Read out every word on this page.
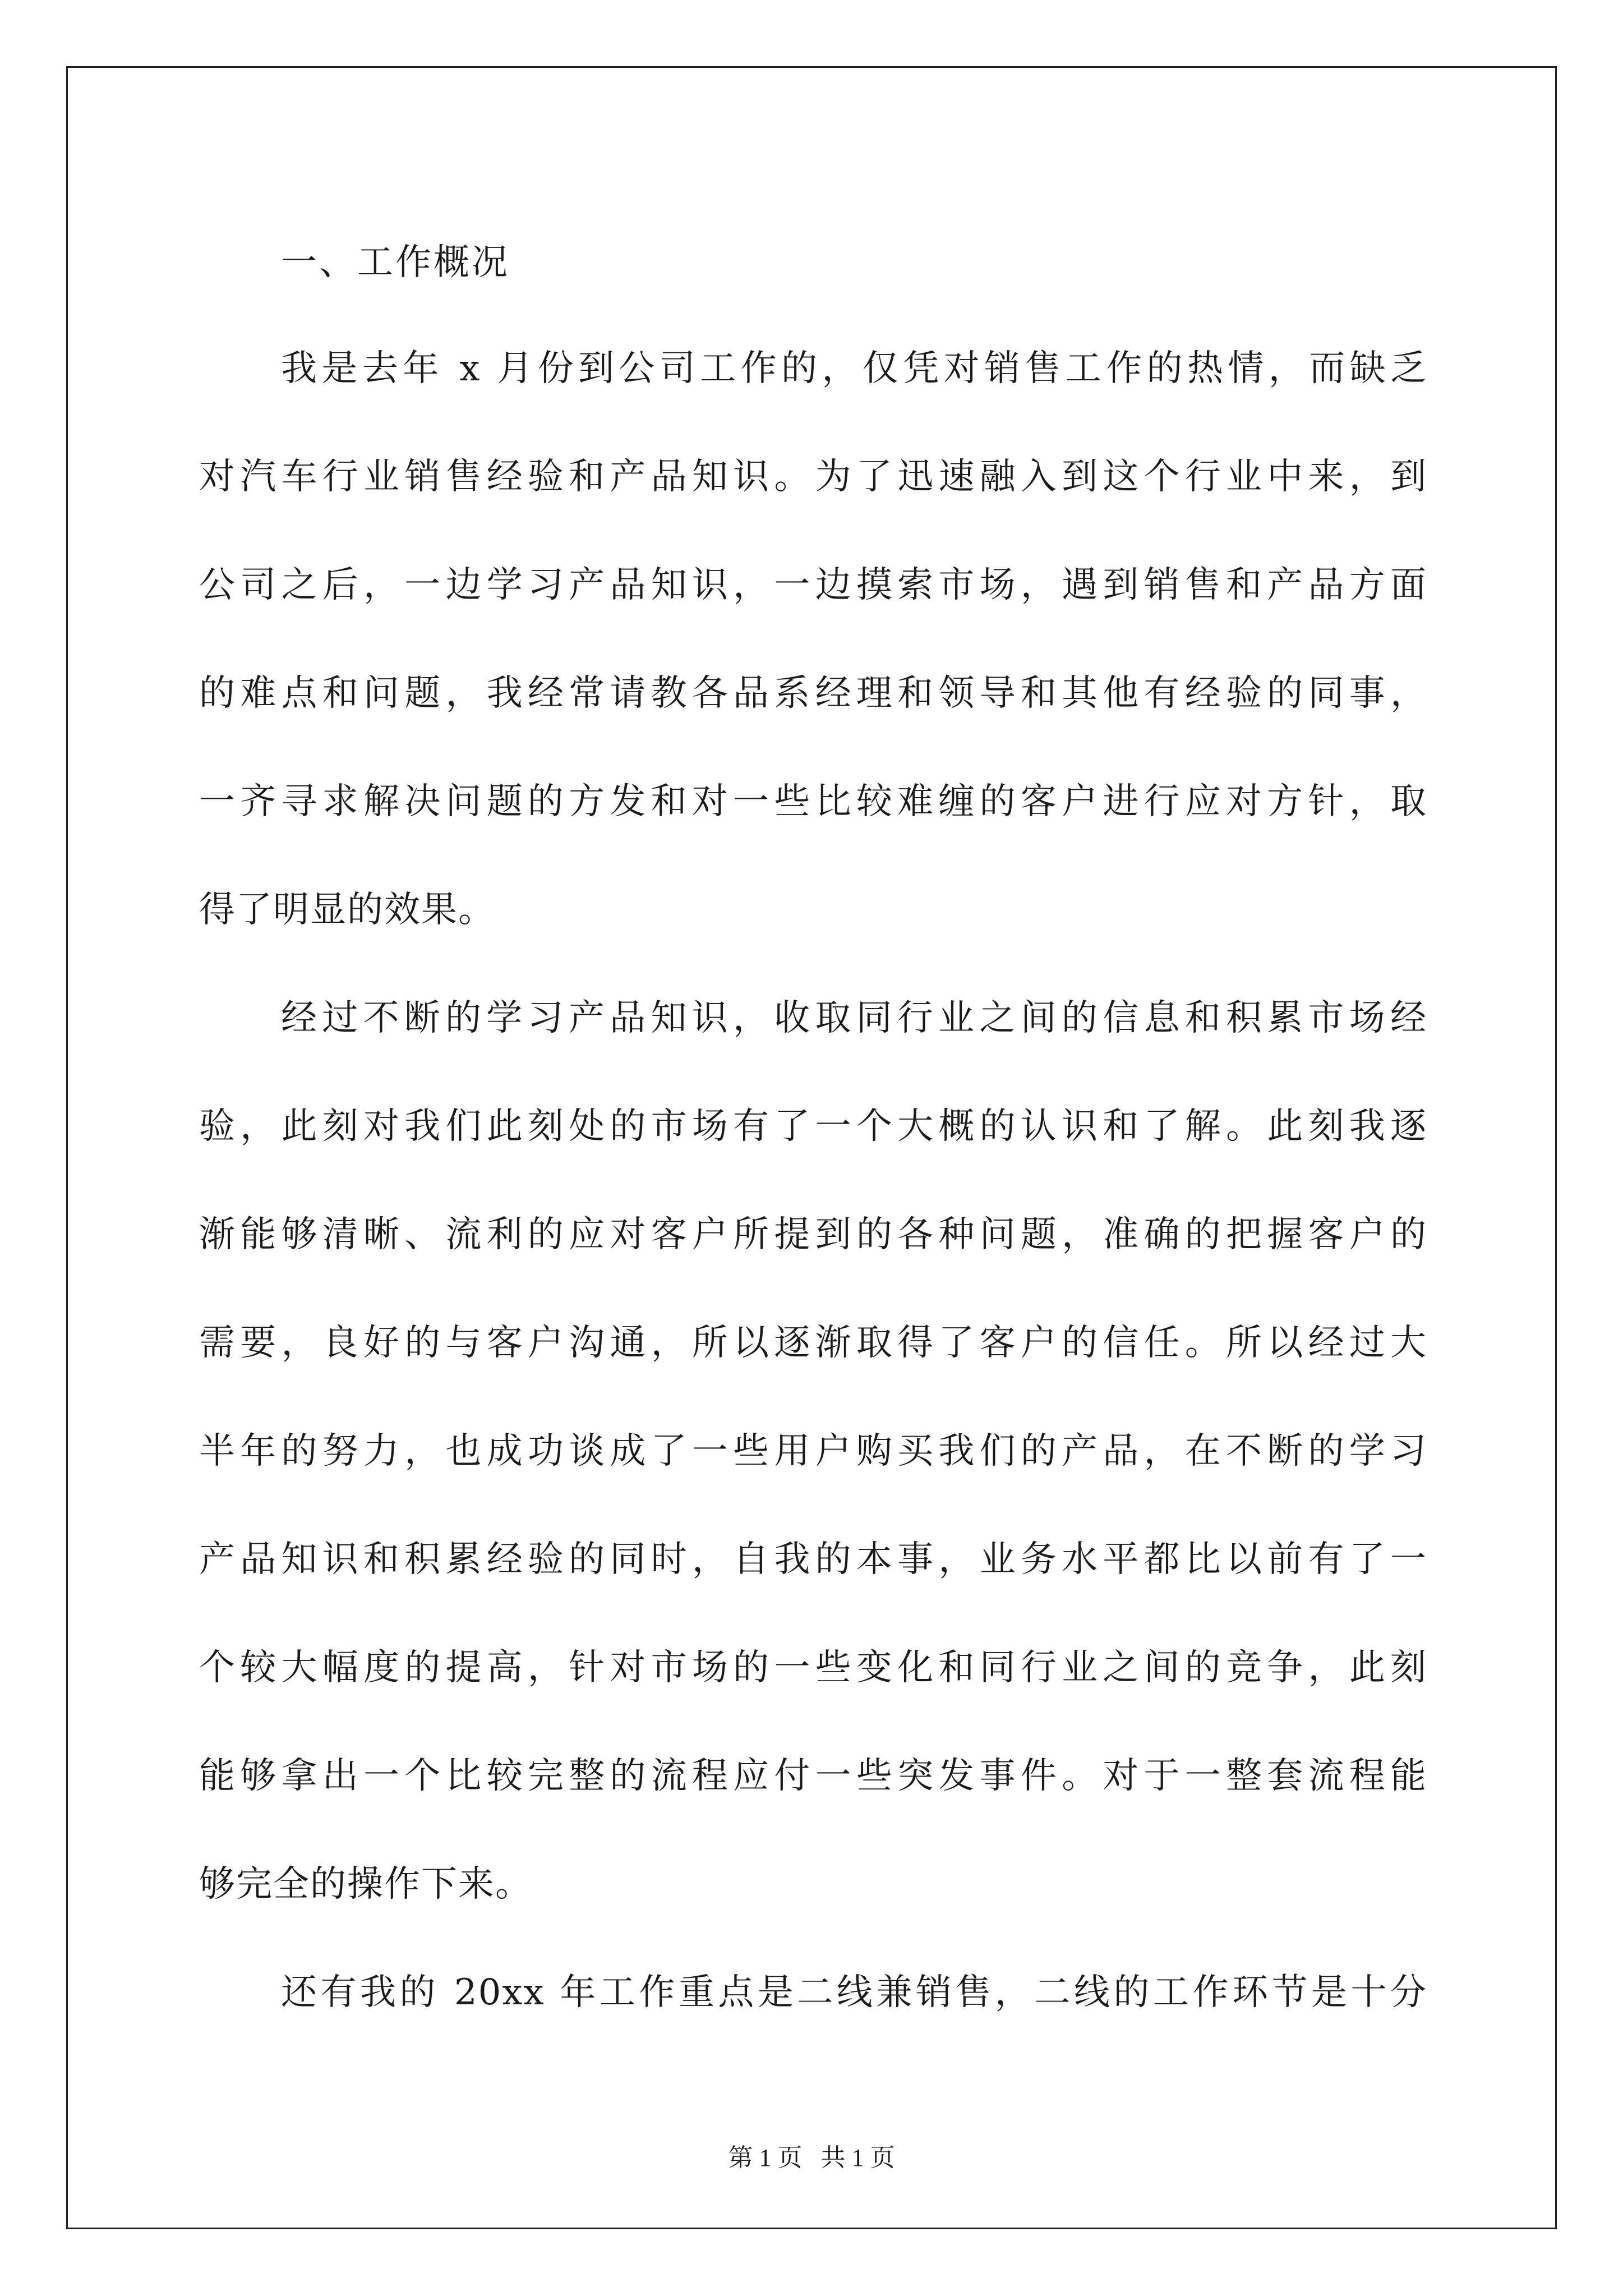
一、工作概况

我是去年 x 月份到公司工作的，仅凭对销售工作的热情，而缺乏

对汽车行业销售经验和产品知识。为了迅速融入到这个行业中来，到

公司之后，一边学习产品知识，一边摸索市场，遇到销售和产品方面

的难点和问题，我经常请教各品系经理和领导和其他有经验的同事，

一齐寻求解决问题的方发和对一些比较难缠的客户进行应对方针，取

得了明显的效果。

经过不断的学习产品知识，收取同行业之间的信息和积累市场经

验，此刻对我们此刻处的市场有了一个大概的认识和了解。此刻我逐

渐能够清晰、流利的应对客户所提到的各种问题，准确的把握客户的

需要，良好的与客户沟通，所以逐渐取得了客户的信任。所以经过大

半年的努力，也成功谈成了一些用户购买我们的产品，在不断的学习

产品知识和积累经验的同时，自我的本事，业务水平都比以前有了一

个较大幅度的提高，针对市场的一些变化和同行业之间的竞争，此刻

能够拿出一个比较完整的流程应付一些突发事件。对于一整套流程能

够完全的操作下来。

还有我的 20xx 年工作重点是二线兼销售，二线的工作环节是十分

第 1 页   共 1 页
